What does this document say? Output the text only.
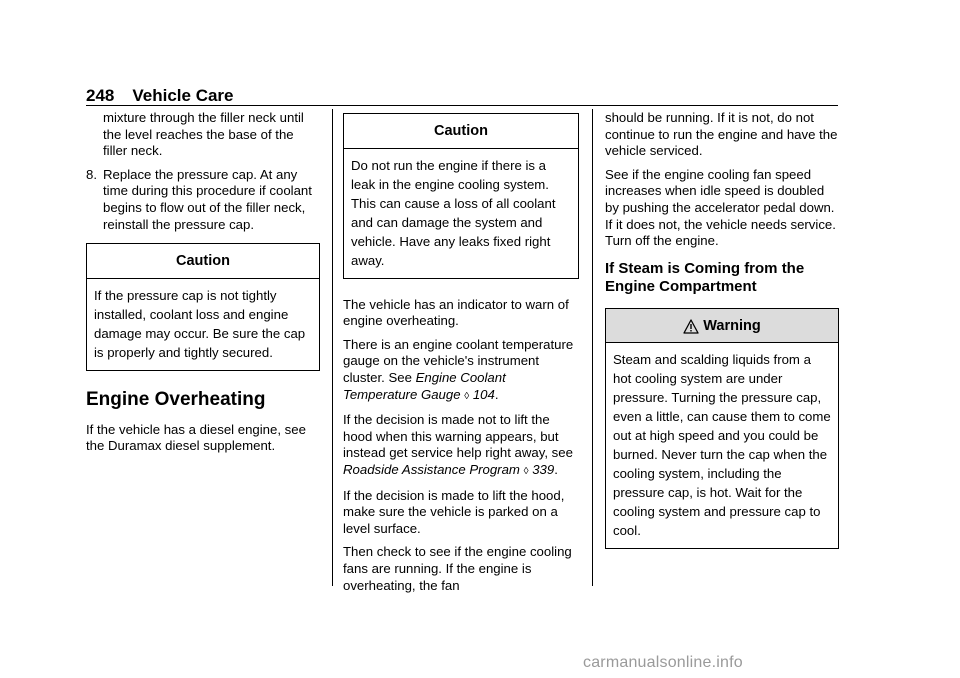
248 Vehicle Care

mixture through the filler neck until the level reaches the base of the filler neck.

8. Replace the pressure cap. At any time during this procedure if coolant begins to flow out of the filler neck, reinstall the pressure cap.
Caution
If the pressure cap is not tightly installed, coolant loss and engine damage may occur. Be sure the cap is properly and tightly secured.
Engine Overheating

If the vehicle has a diesel engine, see the Duramax diesel supplement.

Caution
Do not run the engine if there is a leak in the engine cooling system. This can cause a loss of all coolant and can damage the system and vehicle. Have any leaks fixed right away.

The vehicle has an indicator to warn of engine overheating.

There is an engine coolant temperature gauge on the vehicle's instrument cluster. See Engine Coolant Temperature Gauge ◊ 104.

If the decision is made not to lift the hood when this warning appears, but instead get service help right away, see Roadside Assistance Program ◊ 339.

If the decision is made to lift the hood, make sure the vehicle is parked on a level surface.

Then check to see if the engine cooling fans are running. If the engine is overheating, the fan

should be running. If it is not, do not continue to run the engine and have the vehicle serviced.

See if the engine cooling fan speed increases when idle speed is doubled by pushing the accelerator pedal down. If it does not, the vehicle needs service. Turn off the engine.

If Steam is Coming from the Engine Compartment
Warning
Steam and scalding liquids from a hot cooling system are under pressure. Turning the pressure cap, even a little, can cause them to come out at high speed and you could be burned. Never turn the cap when the cooling system, including the pressure cap, is hot. Wait for the cooling system and pressure cap to cool.
carmanualsonline.info
